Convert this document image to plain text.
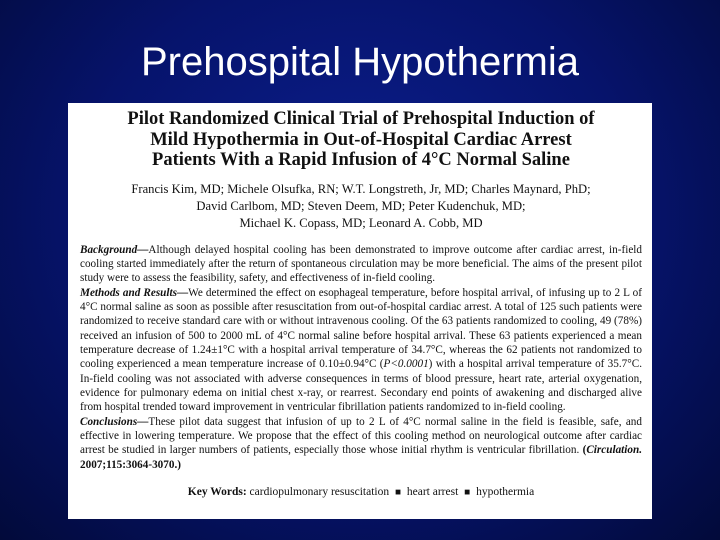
Prehospital Hypothermia
Pilot Randomized Clinical Trial of Prehospital Induction of
Mild Hypothermia in Out-of-Hospital Cardiac Arrest
Patients With a Rapid Infusion of 4°C Normal Saline
Francis Kim, MD; Michele Olsufka, RN; W.T. Longstreth, Jr, MD; Charles Maynard, PhD;
David Carlbom, MD; Steven Deem, MD; Peter Kudenchuk, MD;
Michael K. Copass, MD; Leonard A. Cobb, MD

Background—Although delayed hospital cooling has been demonstrated to improve outcome after cardiac arrest, in-field cooling started immediately after the return of spontaneous circulation may be more beneficial. The aims of the present pilot study were to assess the feasibility, safety, and effectiveness of in-field cooling.

Methods and Results—We determined the effect on esophageal temperature, before hospital arrival, of infusing up to 2 L of 4°C normal saline as soon as possible after resuscitation from out-of-hospital cardiac arrest. A total of 125 such patients were randomized to receive standard care with or without intravenous cooling. Of the 63 patients randomized to cooling, 49 (78%) received an infusion of 500 to 2000 mL of 4°C normal saline before hospital arrival. These 63 patients experienced a mean temperature decrease of 1.24±1°C with a hospital arrival temperature of 34.7°C, whereas the 62 patients not randomized to cooling experienced a mean temperature increase of 0.10±0.94°C (P<0.0001) with a hospital arrival temperature of 35.7°C. In-field cooling was not associated with adverse consequences in terms of blood pressure, heart rate, arterial oxygenation, evidence for pulmonary edema on initial chest x-ray, or rearrest. Secondary end points of awakening and discharged alive from hospital trended toward improvement in ventricular fibrillation patients randomized to in-field cooling.

Conclusions—These pilot data suggest that infusion of up to 2 L of 4°C normal saline in the field is feasible, safe, and effective in lowering temperature. We propose that the effect of this cooling method on neurological outcome after cardiac arrest be studied in larger numbers of patients, especially those whose initial rhythm is ventricular fibrillation. (Circulation. 2007;115:3064-3070.)

Key Words: cardiopulmonary resuscitation ■ heart arrest ■ hypothermia
